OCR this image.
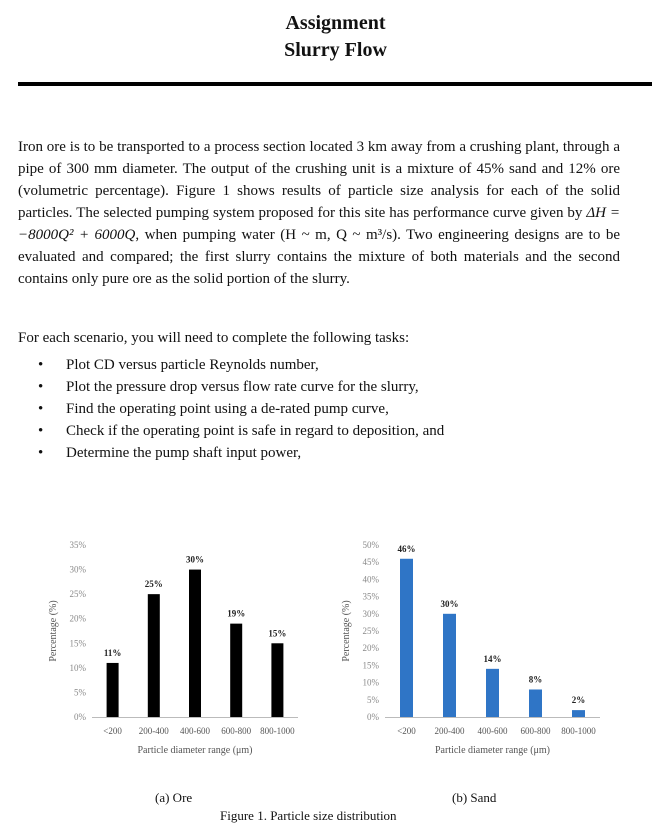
Assignment
Slurry Flow
Iron ore is to be transported to a process section located 3 km away from a crushing plant, through a pipe of 300 mm diameter. The output of the crushing unit is a mixture of 45% sand and 12% ore (volumetric percentage). Figure 1 shows results of particle size analysis for each of the solid particles. The selected pumping system proposed for this site has performance curve given by ΔH = −8000Q² + 6000Q, when pumping water (H ~ m, Q ~ m³/s). Two engineering designs are to be evaluated and compared; the first slurry contains the mixture of both materials and the second contains only pure ore as the solid portion of the slurry.
For each scenario, you will need to complete the following tasks:
• Plot CD versus particle Reynolds number,
• Plot the pressure drop versus flow rate curve for the slurry,
• Find the operating point using a de-rated pump curve,
• Check if the operating point is safe in regard to deposition, and
• Determine the pump shaft input power,
0%
5%
10%
15%
20%
25%
30%
35%
Percentage (%)	11%
<200
25%
200-400
30%
400-600
19%
600-800
15%
800-1000
Particle diameter range (μm)
0%
5%
10%
15%
20%
25%
30%
35%
40%
45%
50%
Percentage (%)
46%
<200
30%
200-400
14%
400-600
8%
600-800
2%
800-1000
Particle diameter range (μm)
(a) Ore	(b) Sand
Figure 1. Particle size distribution
